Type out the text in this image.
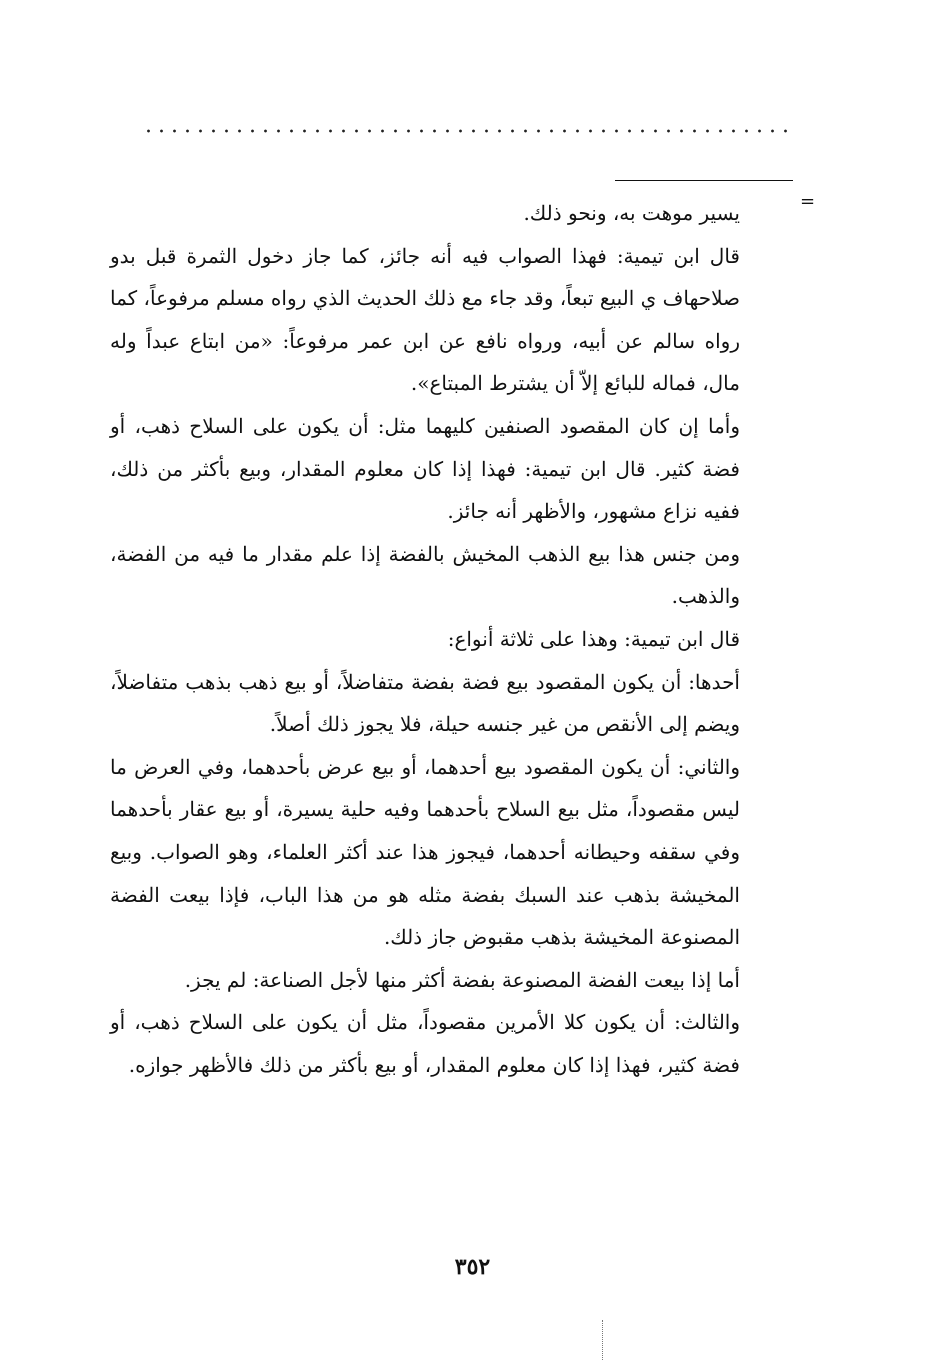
=

يسير موهت به، ونحو ذلك.

قال ابن تيمية: فهذا الصواب فيه أنه جائز، كما جاز دخول الثمرة قبل بدو صلاحهاف ي البيع تبعاً، وقد جاء مع ذلك الحديث الذي رواه مسلم مرفوعاً، كما رواه سالم عن أبيه، ورواه نافع عن ابن عمر مرفوعاً: «من ابتاع عبداً وله مال، فماله للبائع إلاّ أن يشترط المبتاع».

وأما إن كان المقصود الصنفين كليهما مثل: أن يكون على السلاح ذهب، أو فضة كثير. قال ابن تيمية: فهذا إذا كان معلوم المقدار، وبيع بأكثر من ذلك، ففيه نزاع مشهور، والأظهر أنه جائز.

ومن جنس هذا بيع الذهب المخيش بالفضة إذا علم مقدار ما فيه من الفضة، والذهب.

قال ابن تيمية: وهذا على ثلاثة أنواع:

أحدها: أن يكون المقصود بيع فضة بفضة متفاضلاً، أو بيع ذهب بذهب متفاضلاً، ويضم إلى الأنقص من غير جنسه حيلة، فلا يجوز ذلك أصلاً.

والثاني: أن يكون المقصود بيع أحدهما، أو بيع عرض بأحدهما، وفي العرض ما ليس مقصوداً، مثل بيع السلاح بأحدهما وفيه حلية يسيرة، أو بيع عقار بأحدهما وفي سقفه وحيطانه أحدهما، فيجوز هذا عند أكثر العلماء، وهو الصواب. وبيع المخيشة بذهب عند السبك بفضة مثله هو من هذا الباب، فإذا بيعت الفضة المصنوعة المخيشة بذهب مقبوض جاز ذلك.

أما إذا بيعت الفضة المصنوعة بفضة أكثر منها لأجل الصناعة: لم يجز.

والثالث: أن يكون كلا الأمرين مقصوداً، مثل أن يكون على السلاح ذهب، أو فضة كثير، فهذا إذا كان معلوم المقدار، أو بيع بأكثر من ذلك فالأظهر جوازه.

٣٥٢
